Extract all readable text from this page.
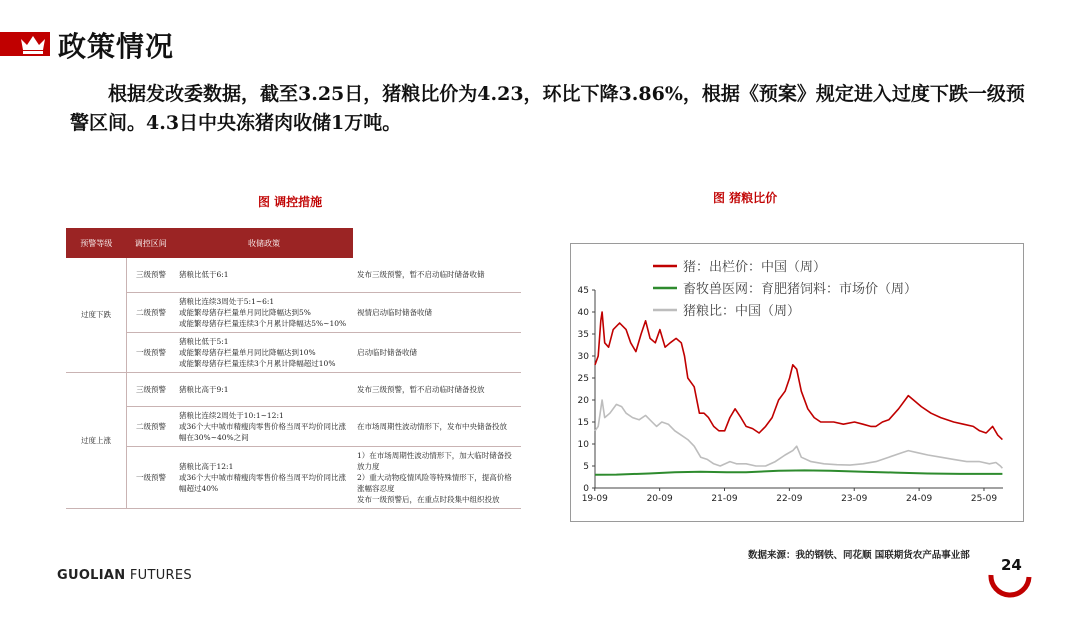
政策情况
根据发改委数据，截至3.25日，猪粮比价为4.23，环比下降3.86%，根据《预案》规定进入过度下跌一级预警区间。4.3日中央冻猪肉收储1万吨。
图 调控措施	图 猪粮比价
预警等级	调控区间	收储政策	
过度下跌	三级预警	猪粮比低于6:1	发布三级预警，暂不启动临时储备收储
	二级预警	猪粮比连续3周处于5:1~6:1
或能繁母猪存栏量单月同比降幅达到5%
或能繁母猪存栏量连续3个月累计降幅达5%~10%	视情启动临时储备收储
	一级预警	猪粮比低于5:1
或能繁母猪存栏量单月同比降幅达到10%
或能繁母猪存栏量连续3个月累计降幅超过10%	启动临时储备收储
过度上涨	三级预警	猪粮比高于9:1	发布三级预警，暂不启动临时储备投放
	二级预警	猪粮比连续2周处于10:1~12:1
或36个大中城市精瘦肉零售价格当周平均价同比涨
幅在30%~40%之间	在市场周期性波动情形下，发布中央储备投放
	一级预警	猪粮比高于12:1
或36个大中城市精瘦肉零售价格当周平均价同比涨
幅超过40%	1）在市场周期性波动情形下，加大临时储备投放力度
2）重大动物疫情风险等特殊情形下，提高价格涨幅容忍度
发布一级预警后，在重点时段集中组织投放
0
5
10
15
20
25
30
35
40
45
19-09	20-09	21-09	22-09	23-09	24-09	25-09
猪：出栏价：中国（周）
畜牧兽医网：育肥猪饲料：市场价（周）
猪粮比：中国（周）
数据来源：我的钢铁、同花顺 国联期货农产品事业部
GUOLIAN FUTURES
24
